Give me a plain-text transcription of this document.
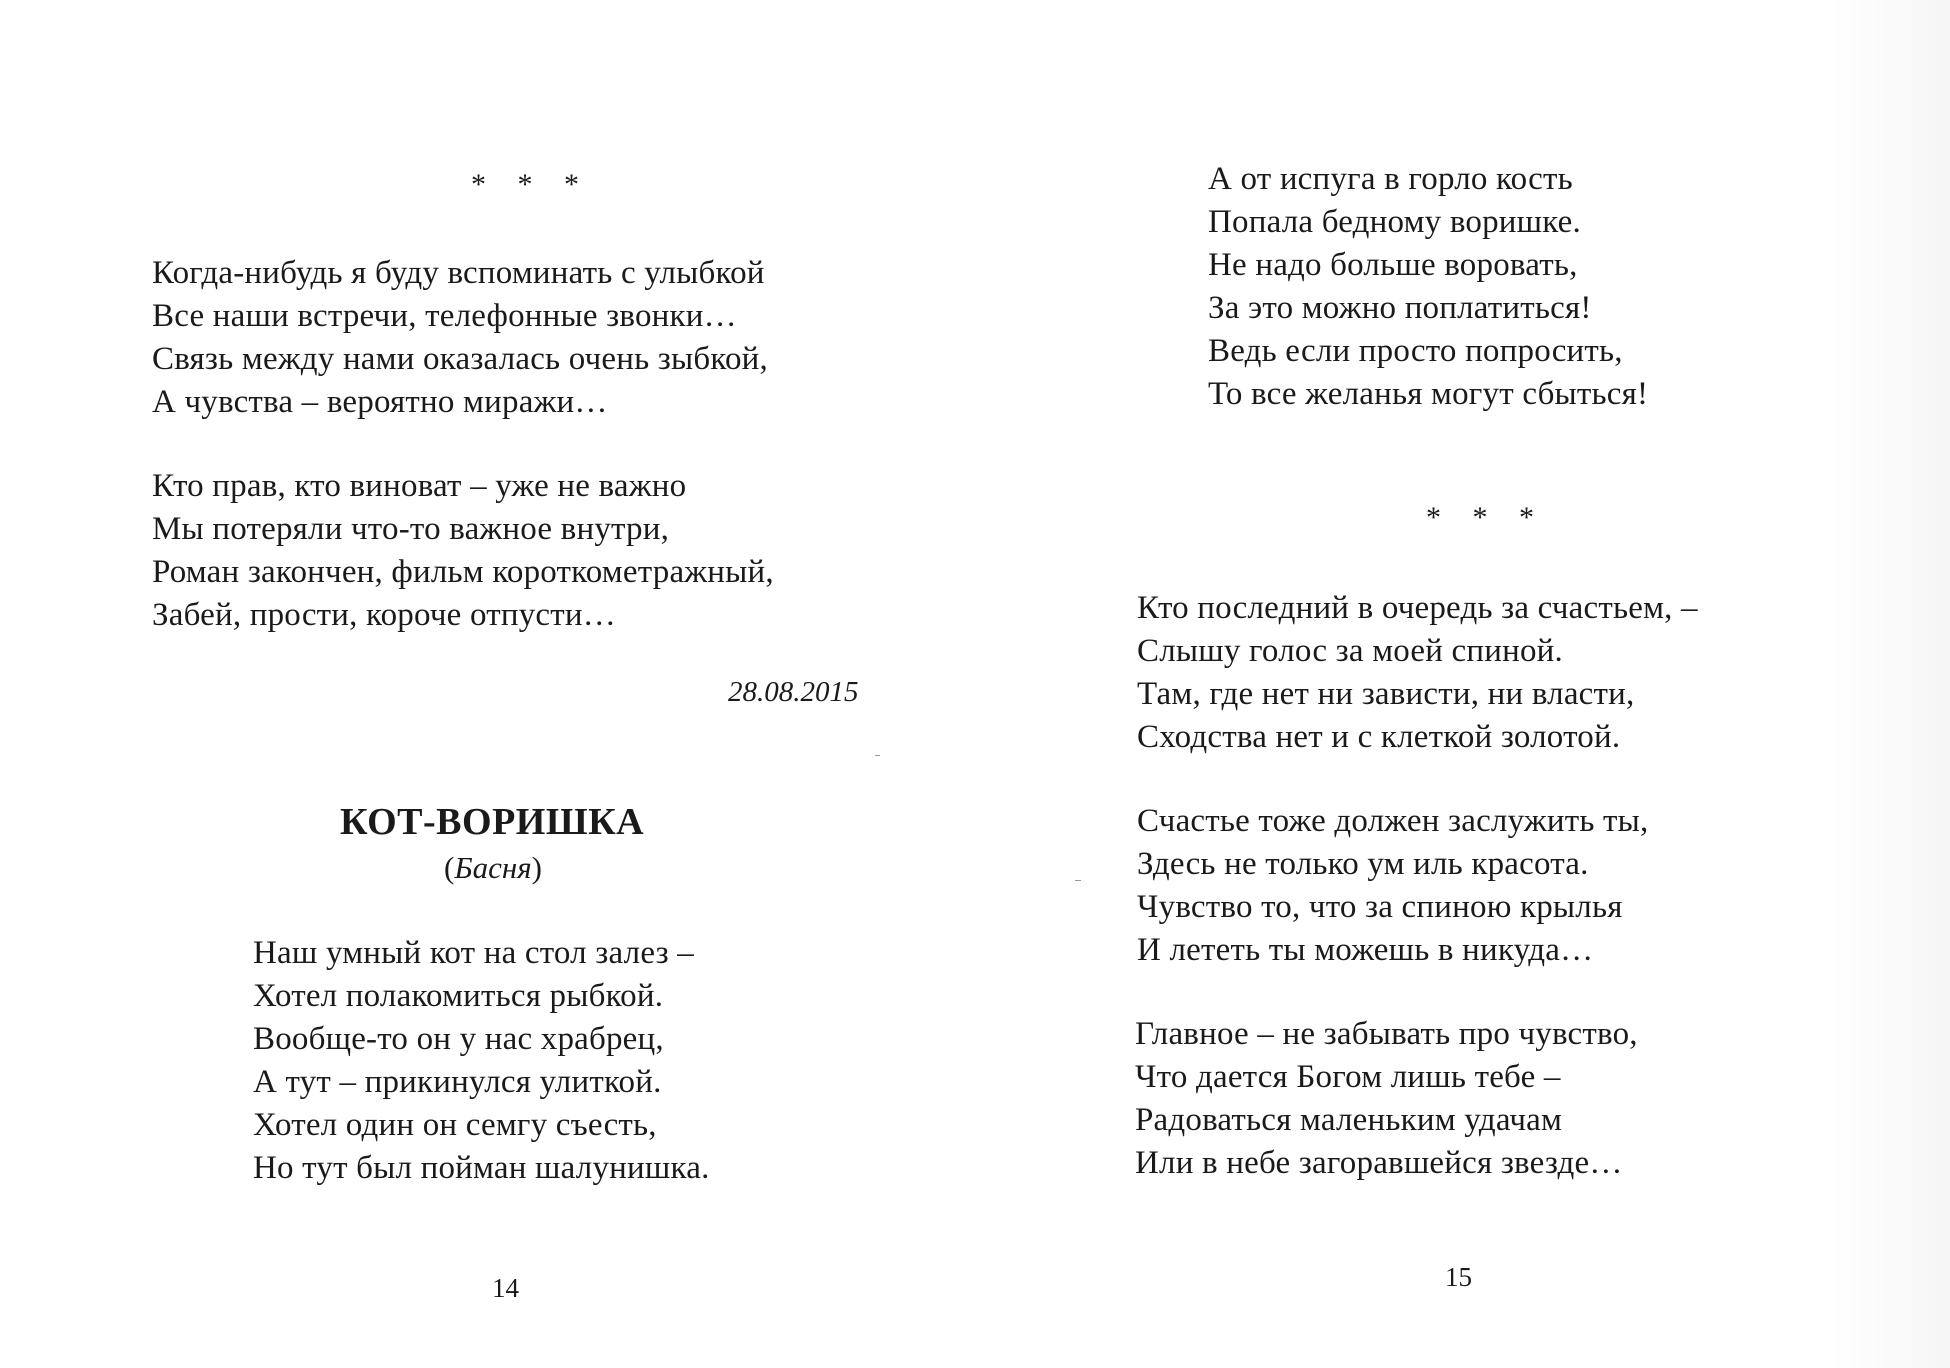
* * *
Когда-нибудь я буду вспоминать с улыбкой
Все наши встречи, телефонные звонки…
Связь между нами оказалась очень зыбкой,
А чувства – вероятно миражи…
Кто прав, кто виноват – уже не важно
Мы потеряли что-то важное внутри,
Роман закончен, фильм короткометражный,
Забей, прости, короче отпусти…
28.08.2015
КОТ-ВОРИШКА
(Басня)
Наш умный кот на стол залез –
Хотел полакомиться рыбкой.
Вообще-то он у нас храбрец,
А тут – прикинулся улиткой.
Хотел один он семгу съесть,
Но тут был пойман шалунишка.
14
А от испуга в горло кость
Попала бедному воришке.
Не надо больше воровать,
За это можно поплатиться!
Ведь если просто попросить,
То все желанья могут сбыться!
* * *
Кто последний в очередь за счастьем, –
Слышу голос за моей спиной.
Там, где нет ни зависти, ни власти,
Сходства нет и с клеткой золотой.
Счастье тоже должен заслужить ты,
Здесь не только ум иль красота.
Чувство то, что за спиною крылья
И лететь ты можешь в никуда…
Главное – не забывать про чувство,
Что дается Богом лишь тебе –
Радоваться маленьким удачам
Или в небе загоравшейся звезде…
15
